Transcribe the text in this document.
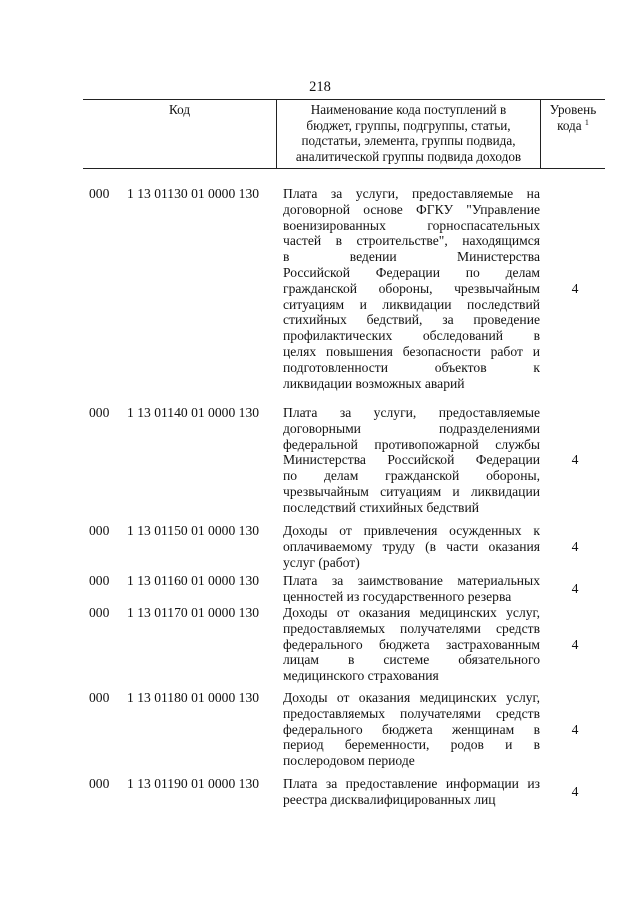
218
Код	Наименование кода поступлений в
бюджет, группы, подгруппы, статьи,
подстатьи, элемента, группы подвида,
аналитической группы подвида доходов
Уровень
кода $^1$
000	1 13 01130 01 0000 130	Плата за услуги, предоставляемые на
договорной основе ФГКУ "Управление
военизированных горноспасательных
частей в строительстве", находящимся
в ведении Министерства
Российской Федерации по делам
гражданской обороны, чрезвычайным
ситуациям и ликвидации последствий
стихийных бедствий, за проведение
профилактических обследований в
целях повышения безопасности работ и
подготовленности объектов к
ликвидации возможных аварий
4
000	1 13 01140 01 0000 130	Плата за услуги, предоставляемые
договорными подразделениями
федеральной противопожарной службы
Министерства Российской Федерации
по делам гражданской обороны,
чрезвычайным ситуациям и ликвидации
последствий стихийных бедствий
4
000	1 13 01150 01 0000 130	Доходы от привлечения осужденных к
оплачиваемому труду (в части оказания
услуг (работ)
4
000	1 13 01160 01 0000 130	Плата за заимствование материальных
ценностей из государственного резерва
4
000	1 13 01170 01 0000 130	Доходы от оказания медицинских услуг,
предоставляемых получателями средств
федерального бюджета застрахованным
лицам в системе обязательного
медицинского страхования
4
000	1 13 01180 01 0000 130	Доходы от оказания медицинских услуг,
предоставляемых получателями средств
федерального бюджета женщинам в
период беременности, родов и в
послеродовом периоде
4
000	1 13 01190 01 0000 130	Плата за предоставление информации из
реестра дисквалифицированных лиц
4
